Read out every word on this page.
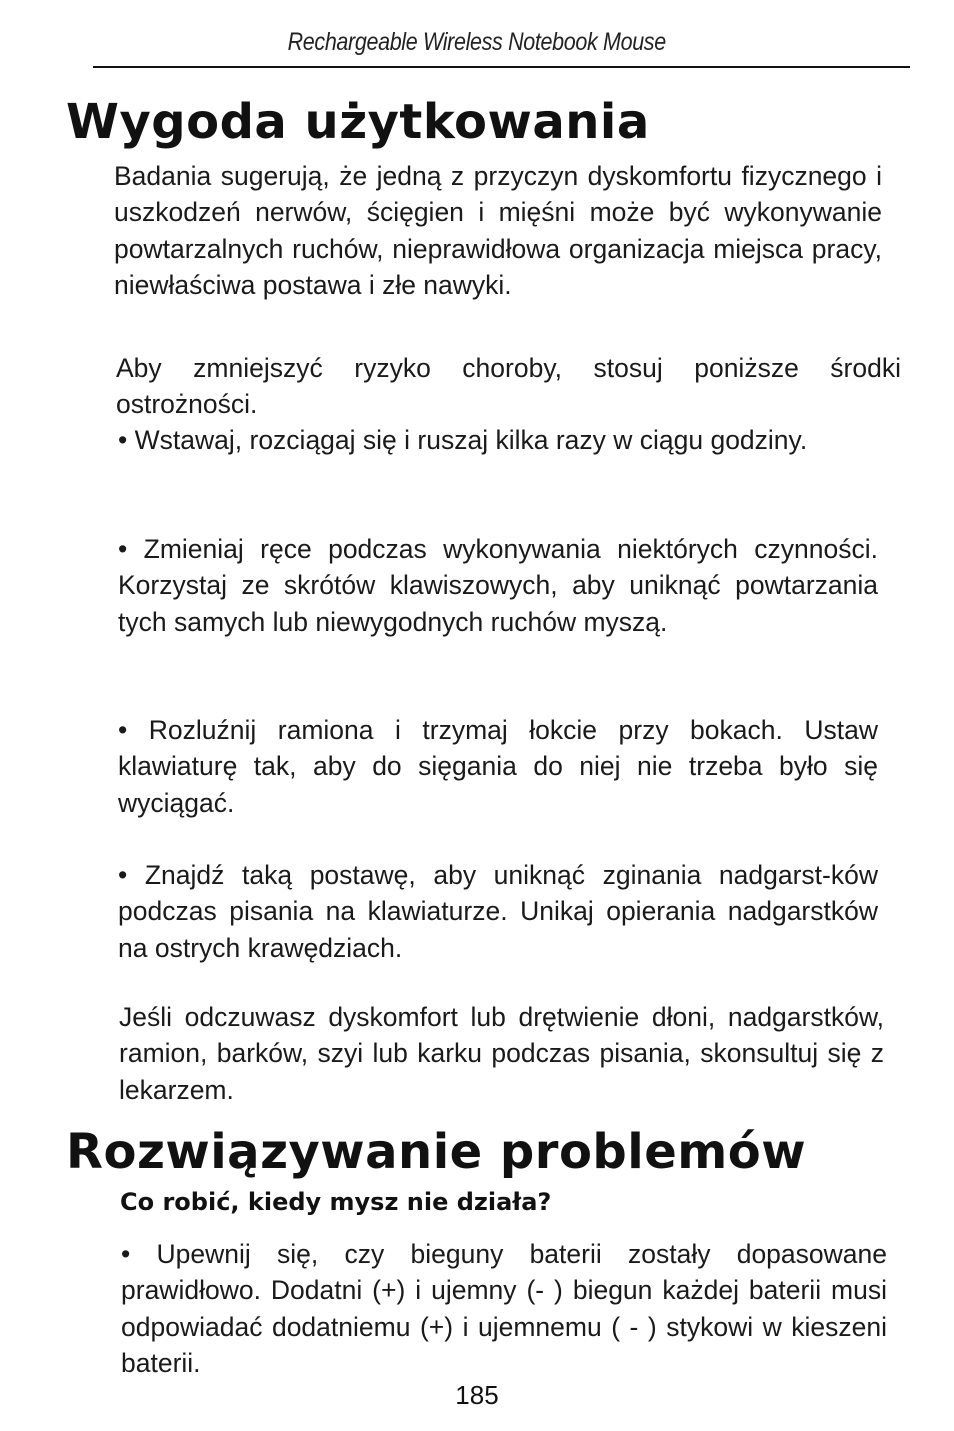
Rechargeable Wireless Notebook Mouse
Wygoda użytkowania

Badania sugerują, że jedną z przyczyn dyskomfortu fizycznego i uszkodzeń nerwów, ścięgien i mięśni może być wykonywanie powtarzalnych ruchów, nieprawidłowa organizacja miejsca pracy, niewłaściwa postawa i złe nawyki.

Aby zmniejszyć ryzyko choroby, stosuj poniższe środki ostrożności.

• Wstawaj, rozciągaj się i ruszaj kilka razy w ciągu godziny.

• Zmieniaj ręce podczas wykonywania niektórych czynności. Korzystaj ze skrótów klawiszowych, aby uniknąć powtarzania tych samych lub niewygodnych ruchów myszą.

• Rozluźnij ramiona i trzymaj łokcie przy bokach. Ustaw klawiaturę tak, aby do sięgania do niej nie trzeba było się wyciągać.

• Znajdź taką postawę, aby uniknąć zginania nadgarst-ków podczas pisania na klawiaturze. Unikaj opierania nadgarstków na ostrych krawędziach.

Jeśli odczuwasz dyskomfort lub drętwienie dłoni, nadgarstków, ramion, barków, szyi lub karku podczas pisania, skonsultuj się z lekarzem.

Rozwiązywanie problemów
Co robić, kiedy mysz nie działa?

• Upewnij się, czy bieguny baterii zostały dopasowane prawidłowo. Dodatni (+) i ujemny (- ) biegun każdej baterii musi odpowiadać dodatniemu (+) i ujemnemu ( - ) stykowi w kieszeni baterii.

185
